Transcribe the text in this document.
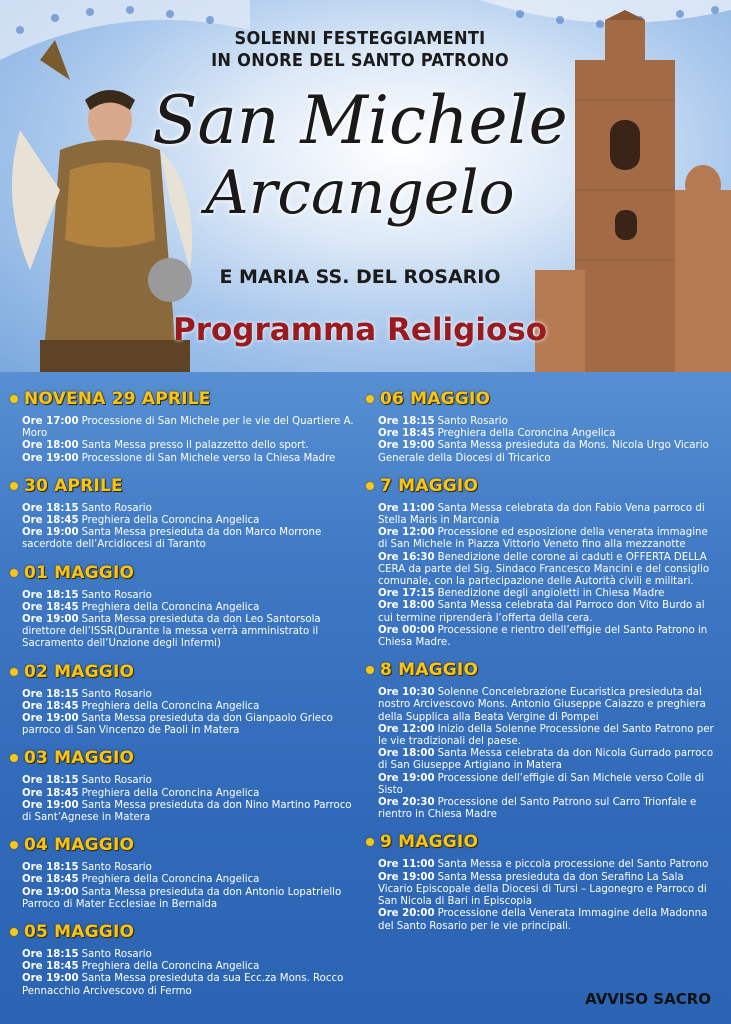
SOLENNI FESTEGGIAMENTI
IN ONORE DEL SANTO PATRONO
San Michele
Arcangelo
E MARIA SS. DEL ROSARIO
Programma Religioso
NOVENA 29 APRILE
Ore 17:00 Processione di San Michele per le vie del Quartiere A. Moro
Ore 18:00 Santa Messa presso il palazzetto dello sport.
Ore 19:00 Processione di San Michele verso la Chiesa Madre
30 APRILE
Ore 18:15 Santo Rosario
Ore 18:45 Preghiera della Coroncina Angelica
Ore 19:00 Santa Messa presieduta da don Marco Morrone sacerdote dell’Arcidiocesi di Taranto
01 MAGGIO
Ore 18:15 Santo Rosario
Ore 18:45 Preghiera della Coroncina Angelica
Ore 19:00 Santa Messa presieduta da don Leo Santorsola direttore dell’ISSR(Durante la messa verrà amministrato il Sacramento dell’Unzione degli Infermi)
02 MAGGIO
Ore 18:15 Santo Rosario
Ore 18:45 Preghiera della Coroncina Angelica
Ore 19:00 Santa Messa presieduta da don Gianpaolo Grieco parroco di San Vincenzo de Paoli in Matera
03 MAGGIO
Ore 18:15 Santo Rosario
Ore 18:45 Preghiera della Coroncina Angelica
Ore 19:00 Santa Messa presieduta da don Nino Martino Parroco di Sant’Agnese in Matera
04 MAGGIO
Ore 18:15 Santo Rosario
Ore 18:45 Preghiera della Coroncina Angelica
Ore 19:00 Santa Messa presieduta da don Antonio Lopatriello Parroco di Mater Ecclesiae in Bernalda
05 MAGGIO
Ore 18:15 Santo Rosario
Ore 18:45 Preghiera della Coroncina Angelica
Ore 19:00 Santa Messa presieduta da sua Ecc.za Mons. Rocco Pennacchio Arcivescovo di Fermo
06 MAGGIO
Ore 18:15 Santo Rosario
Ore 18:45 Preghiera della Coroncina Angelica
Ore 19:00 Santa Messa presieduta da Mons. Nicola Urgo Vicario Generale della Diocesi di Tricarico
7 MAGGIO
Ore 11:00 Santa Messa celebrata da don Fabio Vena parroco di Stella Maris in Marconia
Ore 12:00 Processione ed esposizione della venerata immagine di San Michele in Piazza Vittorio Veneto fino alla mezzanotte
Ore 16:30 Benedizione delle corone ai caduti e OFFERTA DELLA CERA da parte del Sig. Sindaco Francesco Mancini e del consiglio comunale, con la partecipazione delle Autorità civili e militari.
Ore 17:15 Benedizione degli angioletti in Chiesa Madre
Ore 18:00 Santa Messa celebrata dal Parroco don Vito Burdo al cui termine riprenderà l’offerta della cera.
Ore 00:00 Processione e rientro dell’effigie del Santo Patrono in Chiesa Madre.
8 MAGGIO
Ore 10:30 Solenne Concelebrazione Eucaristica presieduta dal nostro Arcivescovo Mons. Antonio Giuseppe Caiazzo e preghiera della Supplica alla Beata Vergine di Pompei
Ore 12:00 Inizio della Solenne Processione del Santo Patrono per le vie tradizionali del paese.
Ore 18:00 Santa Messa celebrata da don Nicola Gurrado parroco di San Giuseppe Artigiano in Matera
Ore 19:00 Processione dell’effigie di San Michele verso Colle di Sisto
Ore 20:30 Processione del Santo Patrono sul Carro Trionfale e rientro in Chiesa Madre
9 MAGGIO
Ore 11:00 Santa Messa e piccola processione del Santo Patrono
Ore 19:00 Santa Messa presieduta da don Serafino La Sala Vicario Episcopale della Diocesi di Tursi – Lagonegro e Parroco di San Nicola di Bari in Episcopia
Ore 20:00 Processione della Venerata Immagine della Madonna del Santo Rosario per le vie principali.
AVVISO SACRO
